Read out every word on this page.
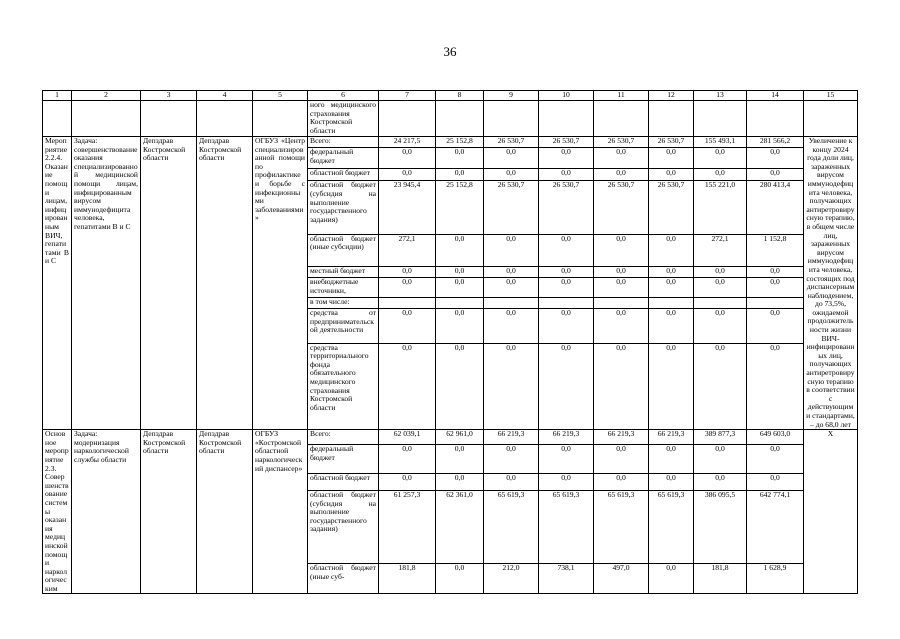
36
1	2	3	4	5	6	7	8	9	10	11	12	13	14	15
					ного медицинского страхования Костромской области									
Мероприятие 2.2.4. Оказание помощи лицам, инфицированным ВИЧ, гепатитами В и С	Задача: совершенствование оказания специализированной медицинской помощи лицам, инфицированным вирусом иммунодефицита человека, гепатитами В и С	Депздрав Костромской области	Депздрав Костромской области	ОГБУЗ «Центр специализированной помощи по профилактике и борьбе с инфекционными заболеваниями»	Всего:	24 217,5	25 152,8	26 530,7	26 530,7	26 530,7	26 530,7	155 493,1	281 566,2	Увеличение к концу 2024 года доли лиц, зараженных вирусом иммунодефицита человека, получающих антиретровирусную терапию, в общем числе лиц, зараженных вирусом иммунодефицита человека, состоящих под диспансерным наблюдением, до 73,5%, ожидаемой продолжительности жизни ВИЧ-инфицированных лиц, получающих антиретровирусную терапию в соответствии с действующими стандартами, – до 68,0 лет
					федеральный бюджет	0,0	0,0	0,0	0,0	0,0	0,0	0,0	0,0	
					областной бюджет	0,0	0,0	0,0	0,0	0,0	0,0	0,0	0,0	
					областной бюджет (субсидия на выполнение государственного задания)	23 945,4	25 152,8	26 530,7	26 530,7	26 530,7	26 530,7	155 221,0	280 413,4	
					областной бюджет (иные субсидии)	272,1	0,0	0,0	0,0	0,0	0,0	272,1	1 152,8	
					местный бюджет	0,0	0,0	0,0	0,0	0,0	0,0	0,0	0,0	
					внебюджетные источники,	0,0	0,0	0,0	0,0	0,0	0,0	0,0	0,0	
					в том числе:									
					средства от предпринимательской деятельности	0,0	0,0	0,0	0,0	0,0	0,0	0,0	0,0	
					средства территориального фонда обязательного медицинского страхования Костромской области	0,0	0,0	0,0	0,0	0,0	0,0	0,0	0,0	
Основное мероприятие 2.3. Совершенствование системы оказания медицинской помощи наркологическим	Задача: модернизация наркологической службы области	Депздрав Костромской области	Депздрав Костромской области	ОГБУЗ «Костромской областной наркологический диспансер»	Всего:	62 039,1	62 961,0	66 219,3	66 219,3	66 219,3	66 219,3	389 877,3	649 603,0	Х
					федеральный бюджет	0,0	0,0	0,0	0,0	0,0	0,0	0,0	0,0	
					областной бюджет	0,0	0,0	0,0	0,0	0,0	0,0	0,0	0,0	
					областной бюджет (субсидия на выполнение государственного задания)	61 257,3	62 361,0	65 619,3	65 619,3	65 619,3	65 619,3	386 095,5	642 774,1	
					областной бюджет (иные суб-	181,8	0,0	212,0	738,1	497,0	0,0	181,8	1 628,9	
